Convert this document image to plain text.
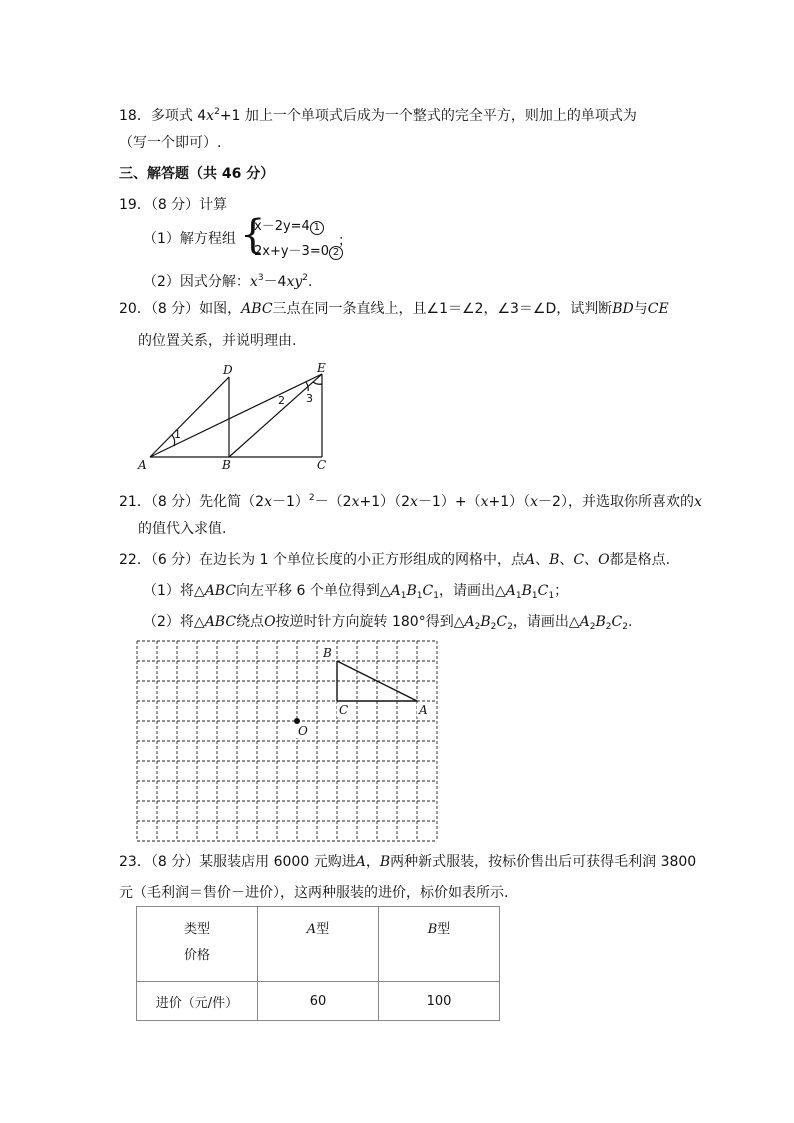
18．多项式 $4x^2+1$ 加上一个单项式后成为一个整式的完全平方，则加上的单项式为
（写一个即可）.
三、解答题（共 46 分）
19．（8 分）计算
（1）解方程组 {
x－2y=4 1
2x+y－3=0 2
；
（2）因式分解：$x^3-4xy^2$.
20．（8 分）如图，ABC三点在同一条直线上，且∠1＝∠2，∠3＝∠D，试判断BD与CE
的位置关系，并说明理由.
D	E
2 3
1
A	B	C
21．（8 分）先化简$(2x-1)^2-(2x+1)(2x-1)+(x+1)(x-2)$，并选取你所喜欢的x
的值代入求值.
22．（6 分）在边长为 1 个单位长度的小正方形组成的网格中，点A、B、C、O都是格点.
（1）将△ABC向左平移 6 个单位得到$\triangle A_1B_1C_1$，请画出$\triangle A_1B_1C_1$；
（2）将△ABC绕点O按逆时针方向旋转 180°得到$\triangle A_2B_2C_2$，请画出$\triangle A_2B_2C_2$.
B
C	A
O
23．（8 分）某服装店用 6000 元购进A，B两种新式服装，按标价售出后可获得毛利润 3800
元（毛利润＝售价－进价），这两种服装的进价，标价如表所示.
类型
价格	A型	B型
进价（元/件）	60	100
